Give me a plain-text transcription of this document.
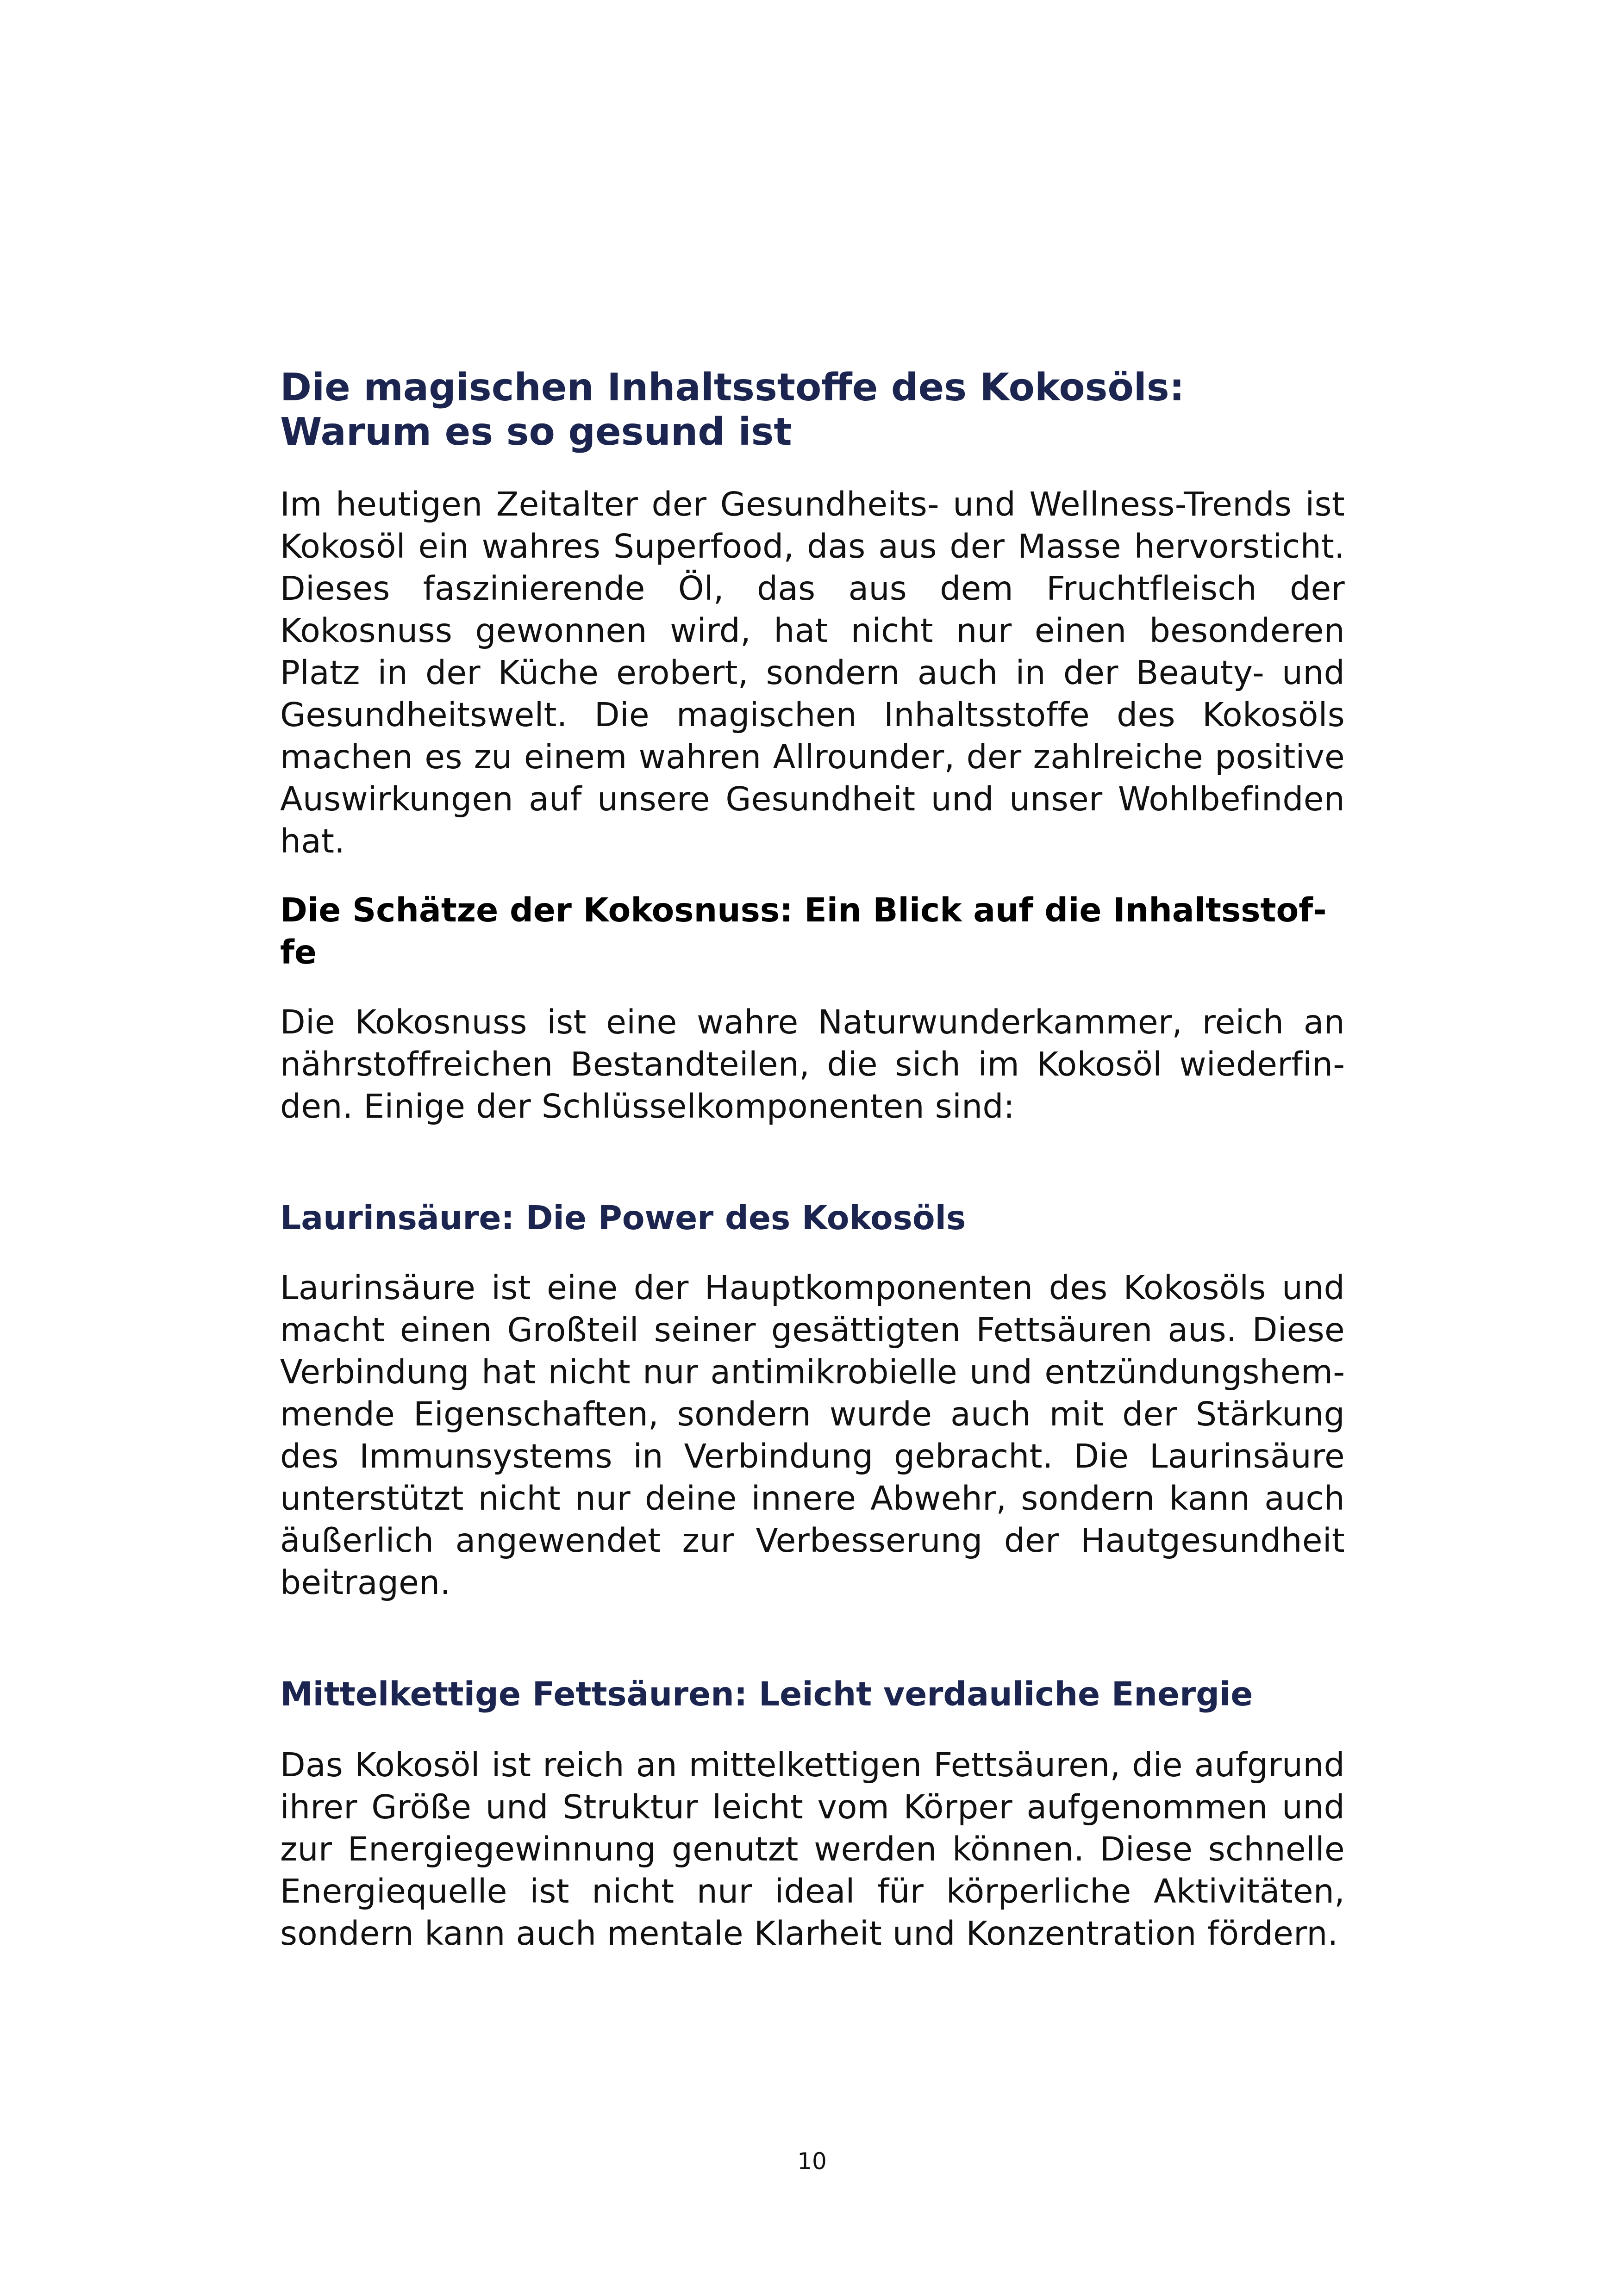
Die magischen Inhaltsstoffe des Kokosöls:
Warum es so gesund ist

Im heutigen Zeitalter der Gesundheits- und Wellness-Trends ist Kokosöl ein wahres Superfood, das aus der Masse hervorsticht. Dieses faszinierende Öl, das aus dem Fruchtfleisch der Kokosnuss gewonnen wird, hat nicht nur einen besonderen Platz in der Küche erobert, sondern auch in der Beauty- und Gesundheitswelt. Die magischen Inhaltsstoffe des Kokosöls machen es zu einem wahren Allrounder, der zahlreiche positive Auswirkungen auf unsere Gesundheit und unser Wohlbefinden hat.

Die Schätze der Kokosnuss: Ein Blick auf die Inhaltsstoffe

Die Kokosnuss ist eine wahre Naturwunderkammer, reich an nährstoffreichen Bestandteilen, die sich im Kokosöl wiederfinden. Einige der Schlüsselkomponenten sind:

Laurinsäure: Die Power des Kokosöls

Laurinsäure ist eine der Hauptkomponenten des Kokosöls und macht einen Großteil seiner gesättigten Fettsäuren aus. Diese Verbindung hat nicht nur antimikrobielle und entzündungshemmende Eigenschaften, sondern wurde auch mit der Stärkung des Immunsystems in Verbindung gebracht. Die Laurinsäure unterstützt nicht nur deine innere Abwehr, sondern kann auch äußerlich angewendet zur Verbesserung der Hautgesundheit beitragen.

Mittelkettige Fettsäuren: Leicht verdauliche Energie

Das Kokosöl ist reich an mittelkettigen Fettsäuren, die aufgrund ihrer Größe und Struktur leicht vom Körper aufgenommen und zur Energiegewinnung genutzt werden können. Diese schnelle Energiequelle ist nicht nur ideal für körperliche Aktivitäten, sondern kann auch mentale Klarheit und Konzentration fördern.

10
